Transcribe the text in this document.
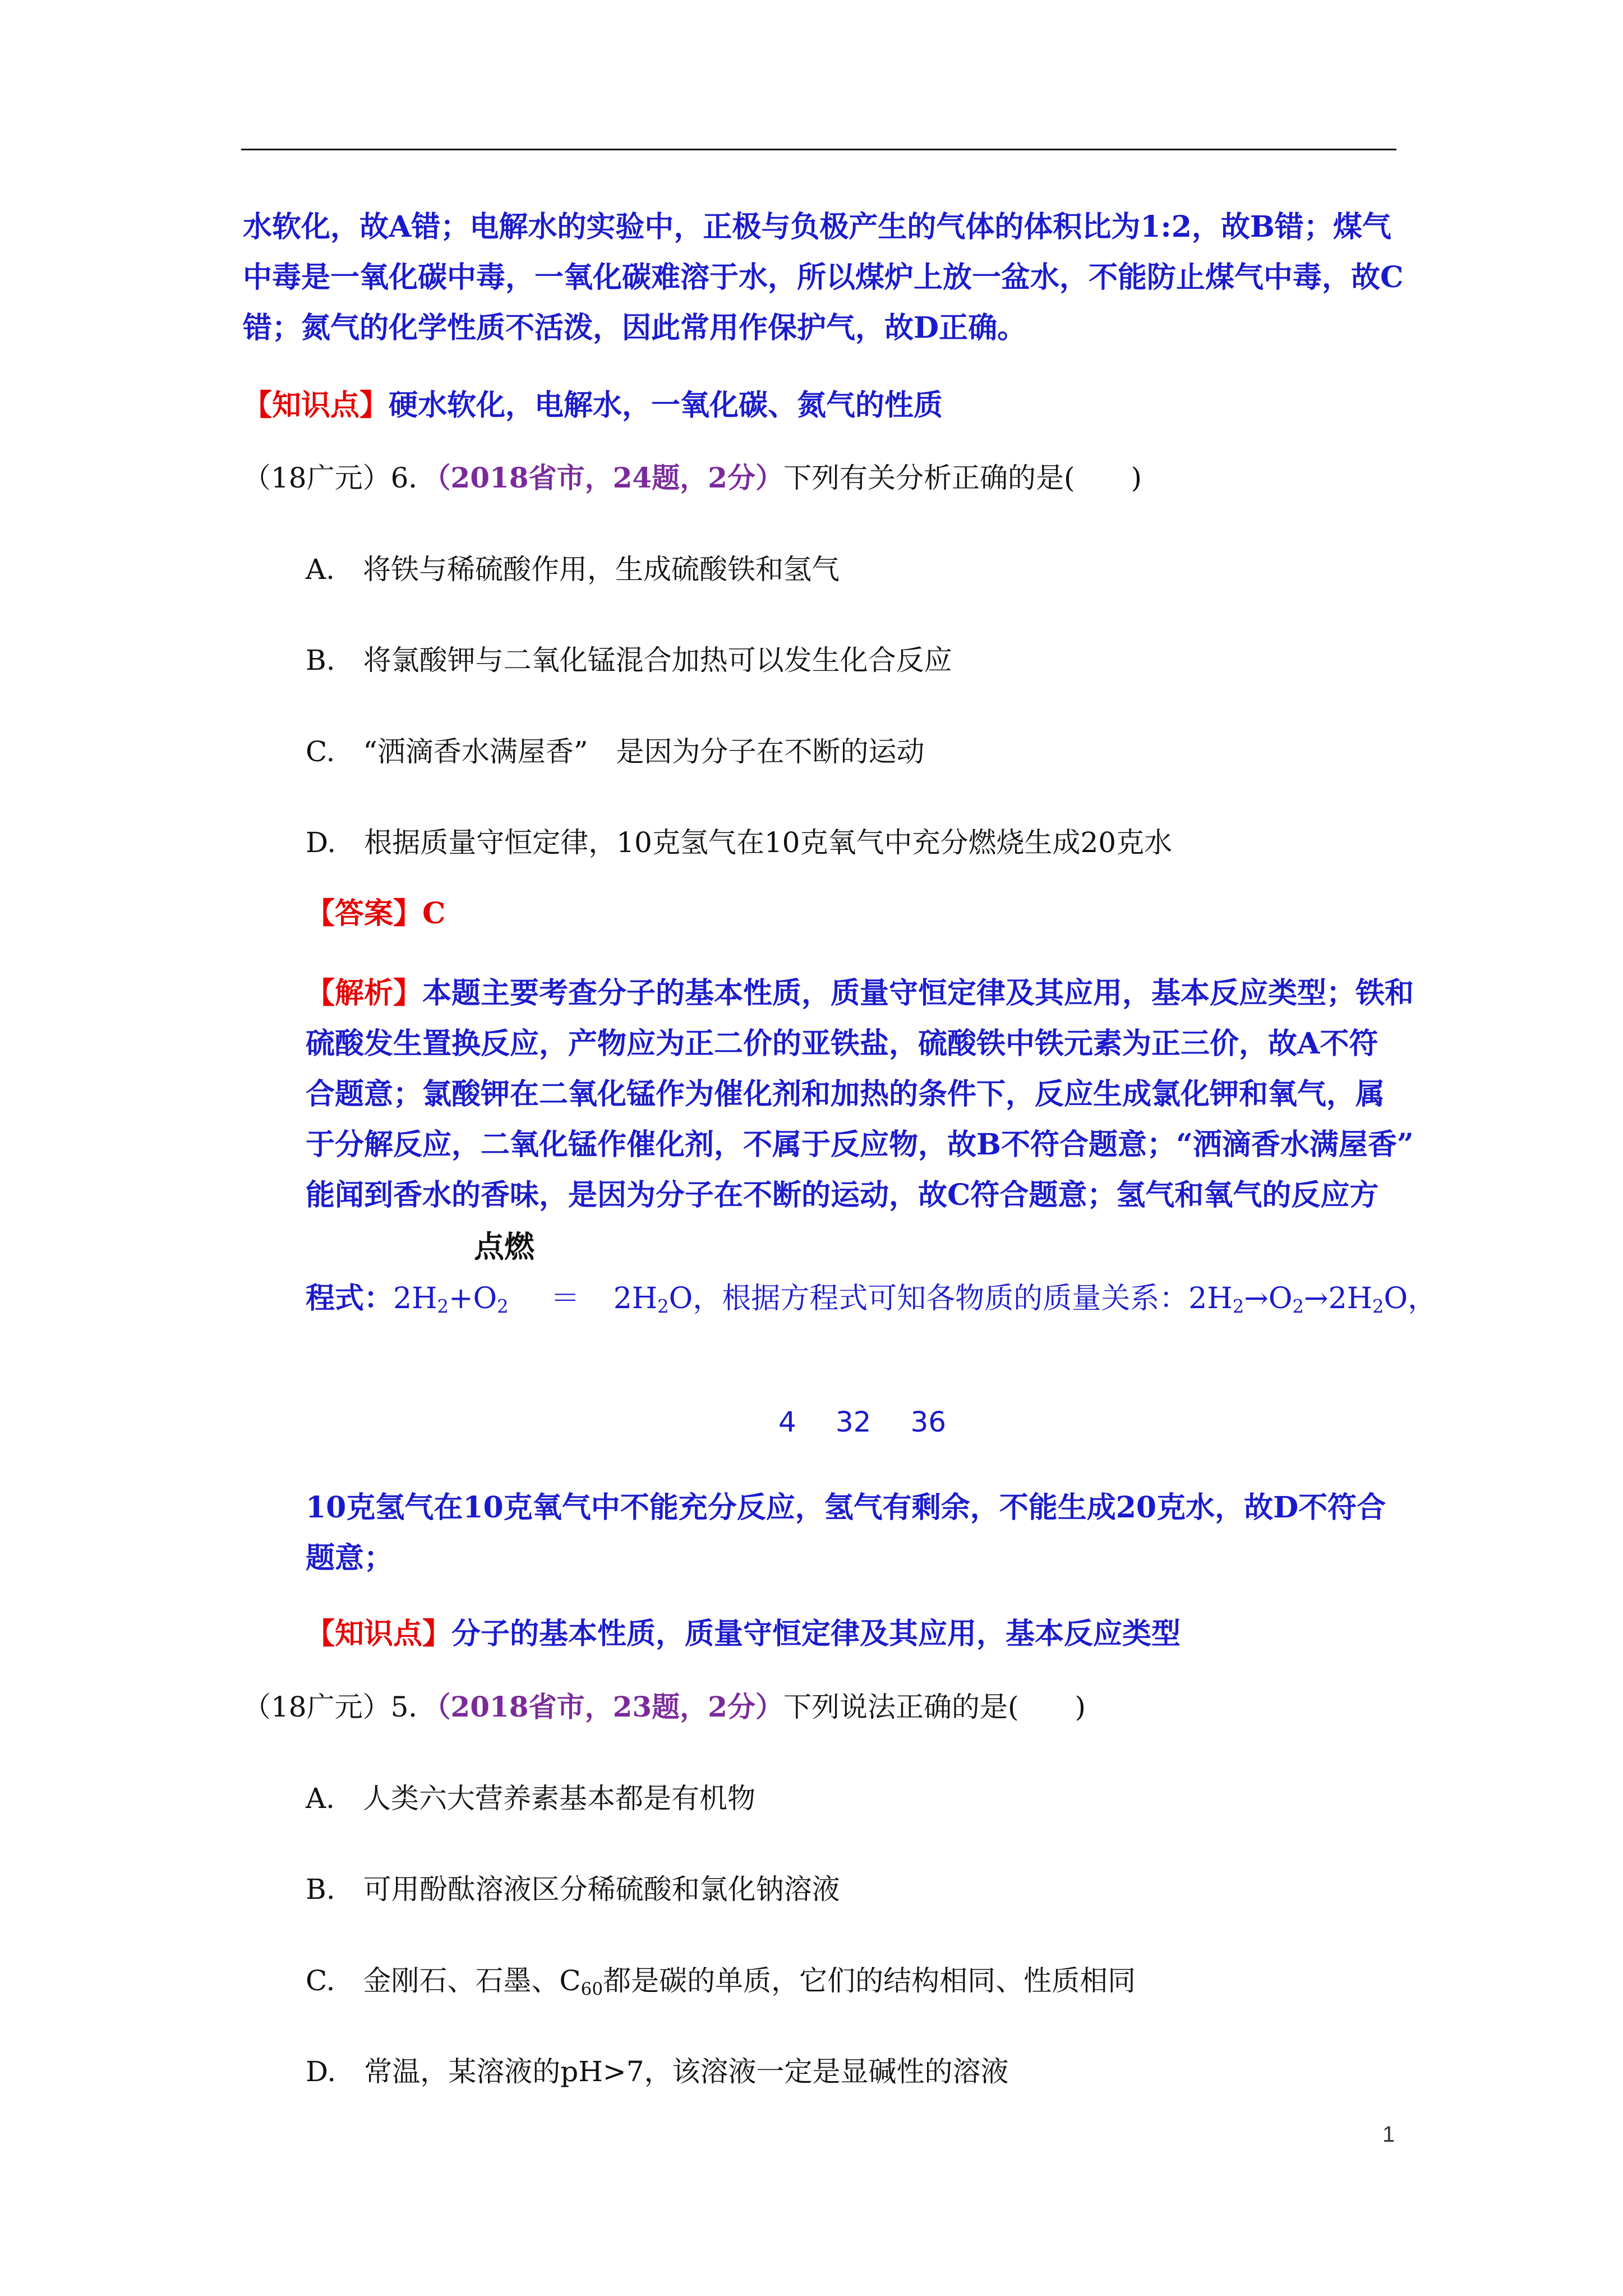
水软化，故A错；电解水的实验中，正极与负极产生的气体的体积比为1:2，故B错；煤气
中毒是一氧化碳中毒，一氧化碳难溶于水，所以煤炉上放一盆水，不能防止煤气中毒，故C
错；氮气的化学性质不活泼，因此常用作保护气，故D正确。
【知识点】硬水软化，电解水，一氧化碳、氮气的性质
（18广元）6．（2018省市，24题，2分）下列有关分析正确的是(　　)
A.　将铁与稀硫酸作用，生成硫酸铁和氢气
B.　将氯酸钾与二氧化锰混合加热可以发生化合反应
C.　“洒滴香水满屋香”　是因为分子在不断的运动
D.　根据质量守恒定律，10克氢气在10克氧气中充分燃烧生成20克水
【答案】C
【解析】本题主要考查分子的基本性质，质量守恒定律及其应用，基本反应类型；铁和
硫酸发生置换反应，产物应为正二价的亚铁盐，硫酸铁中铁元素为正三价，故A不符
合题意；氯酸钾在二氧化锰作为催化剂和加热的条件下，反应生成氯化钾和氧气，属
于分解反应，二氧化锰作催化剂，不属于反应物，故B不符合题意；“洒滴香水满屋香”
能闻到香水的香味，是因为分子在不断的运动，故C符合题意；氢气和氧气的反应方
点燃
程式：$2H_2+O_2 = 2H_2O$，根据方程式可知各物质的质量关系：$2H_2\to O_2\to 2H_2O$，
4 32 36
10克氢气在10克氧气中不能充分反应，氢气有剩余，不能生成20克水，故D不符合
题意；
【知识点】分子的基本性质，质量守恒定律及其应用，基本反应类型
（18广元）5．（2018省市，23题，2分）下列说法正确的是(　　)
A.　人类六大营养素基本都是有机物
B.　可用酚酞溶液区分稀硫酸和氯化钠溶液
C.　金刚石、石墨、$C_{60}$都是碳的单质，它们的结构相同、性质相同
D.　常温，某溶液的pH>7，该溶液一定是显碱性的溶液
1
